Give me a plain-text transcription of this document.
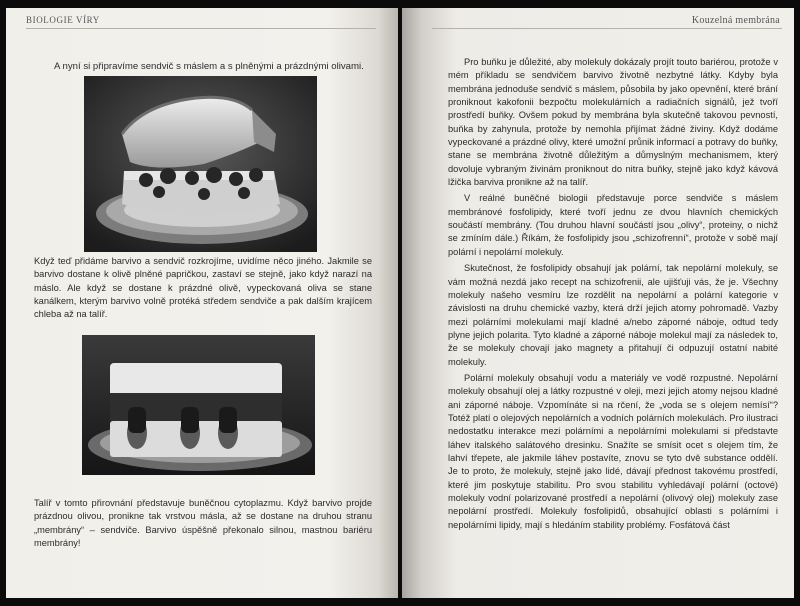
BIOLOGIE VÍRY
A nyní si připravíme sendvič s máslem a s plněnými a prázdnými olivami.

Když teď přidáme barvivo a sendvič rozkrojíme, uvidíme něco jiného. Jakmile se barvivo dostane k olivě plněné papričkou, zastaví se stejně, jako když narazí na máslo. Ale když se dostane k prázdné olivě, vypeckovaná oliva se stane kanálkem, kterým barvivo volně protéká středem sendviče a pak dalším krajícem chleba až na talíř.

Talíř v tomto přirovnání představuje buněčnou cytoplazmu. Když barvivo projde prázdnou olivou, pronikne tak vrstvou másla, až se dostane na druhou stranu „membrány“ – sendviče. Barvivo úspěšně překonalo silnou, mastnou bariéru membrány!

Kouzelná membrána

Pro buňku je důležité, aby molekuly dokázaly projít touto bariérou, protože v mém příkladu se sendvičem barvivo životně nezbytné látky. Kdyby byla membrána jednoduše sendvič s máslem, působila by jako opevnění, které brání proniknout kakofonii bezpočtu molekulárních a radiačních signálů, jež tvoří prostředí buňky. Ovšem pokud by membrána byla skutečně takovou pevností, buňka by zahynula, protože by nemohla přijímat žádné živiny. Když dodáme vypeckované a prázdné olivy, které umožní průnik informací a potravy do buňky, stane se membrána životně důležitým a důmyslným mechanismem, který dovoluje vybraným živinám proniknout do nitra buňky, stejně jako když kávová lžička barviva pronikne až na talíř.

V reálné buněčné biologii představuje porce sendviče s máslem membránové fosfolipidy, které tvoří jednu ze dvou hlavních chemických součástí membrány. (Tou druhou hlavní součástí jsou „olivy“, proteiny, o nichž se zmíním dále.) Říkám, že fosfolipidy jsou „schizofrenní“, protože v sobě mají polární i nepolární molekuly.

Skutečnost, že fosfolipidy obsahují jak polární, tak nepolární molekuly, se vám možná nezdá jako recept na schizofrenii, ale ujišťuji vás, že je. Všechny molekuly našeho vesmíru lze rozdělit na nepolární a polární kategorie v závislosti na druhu chemické vazby, která drží jejich atomy pohromadě. Vazby mezi polárními molekulami mají kladné a/nebo záporné náboje, odtud tedy plyne jejich polarita. Tyto kladné a záporné náboje molekul mají za následek to, že se molekuly chovají jako magnety a přitahují či odpuzují ostatní nabité molekuly.

Polární molekuly obsahují vodu a materiály ve vodě rozpustné. Nepolární molekuly obsahují olej a látky rozpustné v oleji, mezi jejich atomy nejsou kladné ani záporné náboje. Vzpomínáte si na rčení, že „voda se s olejem nemísí“? Totéž platí o olejových nepolárních a vodních polárních molekulách. Pro ilustraci nedostatku interakce mezi polárními a nepolárními molekulami si představte láhev italského salátového dresinku. Snažíte se smísit ocet s olejem tím, že lahví třepete, ale jakmile láhev postavíte, znovu se tyto dvě substance oddělí. Je to proto, že molekuly, stejně jako lidé, dávají přednost takovému prostředí, které jim poskytuje stabilitu. Pro svou stabilitu vyhledávají polární (octové) molekuly vodní polarizované prostředí a nepolární (olivový olej) molekuly zase nepolární prostředí. Molekuly fosfolipidů, obsahující oblasti s polárními i nepolárními lipidy, mají s hledáním stability problémy. Fosfátová část
